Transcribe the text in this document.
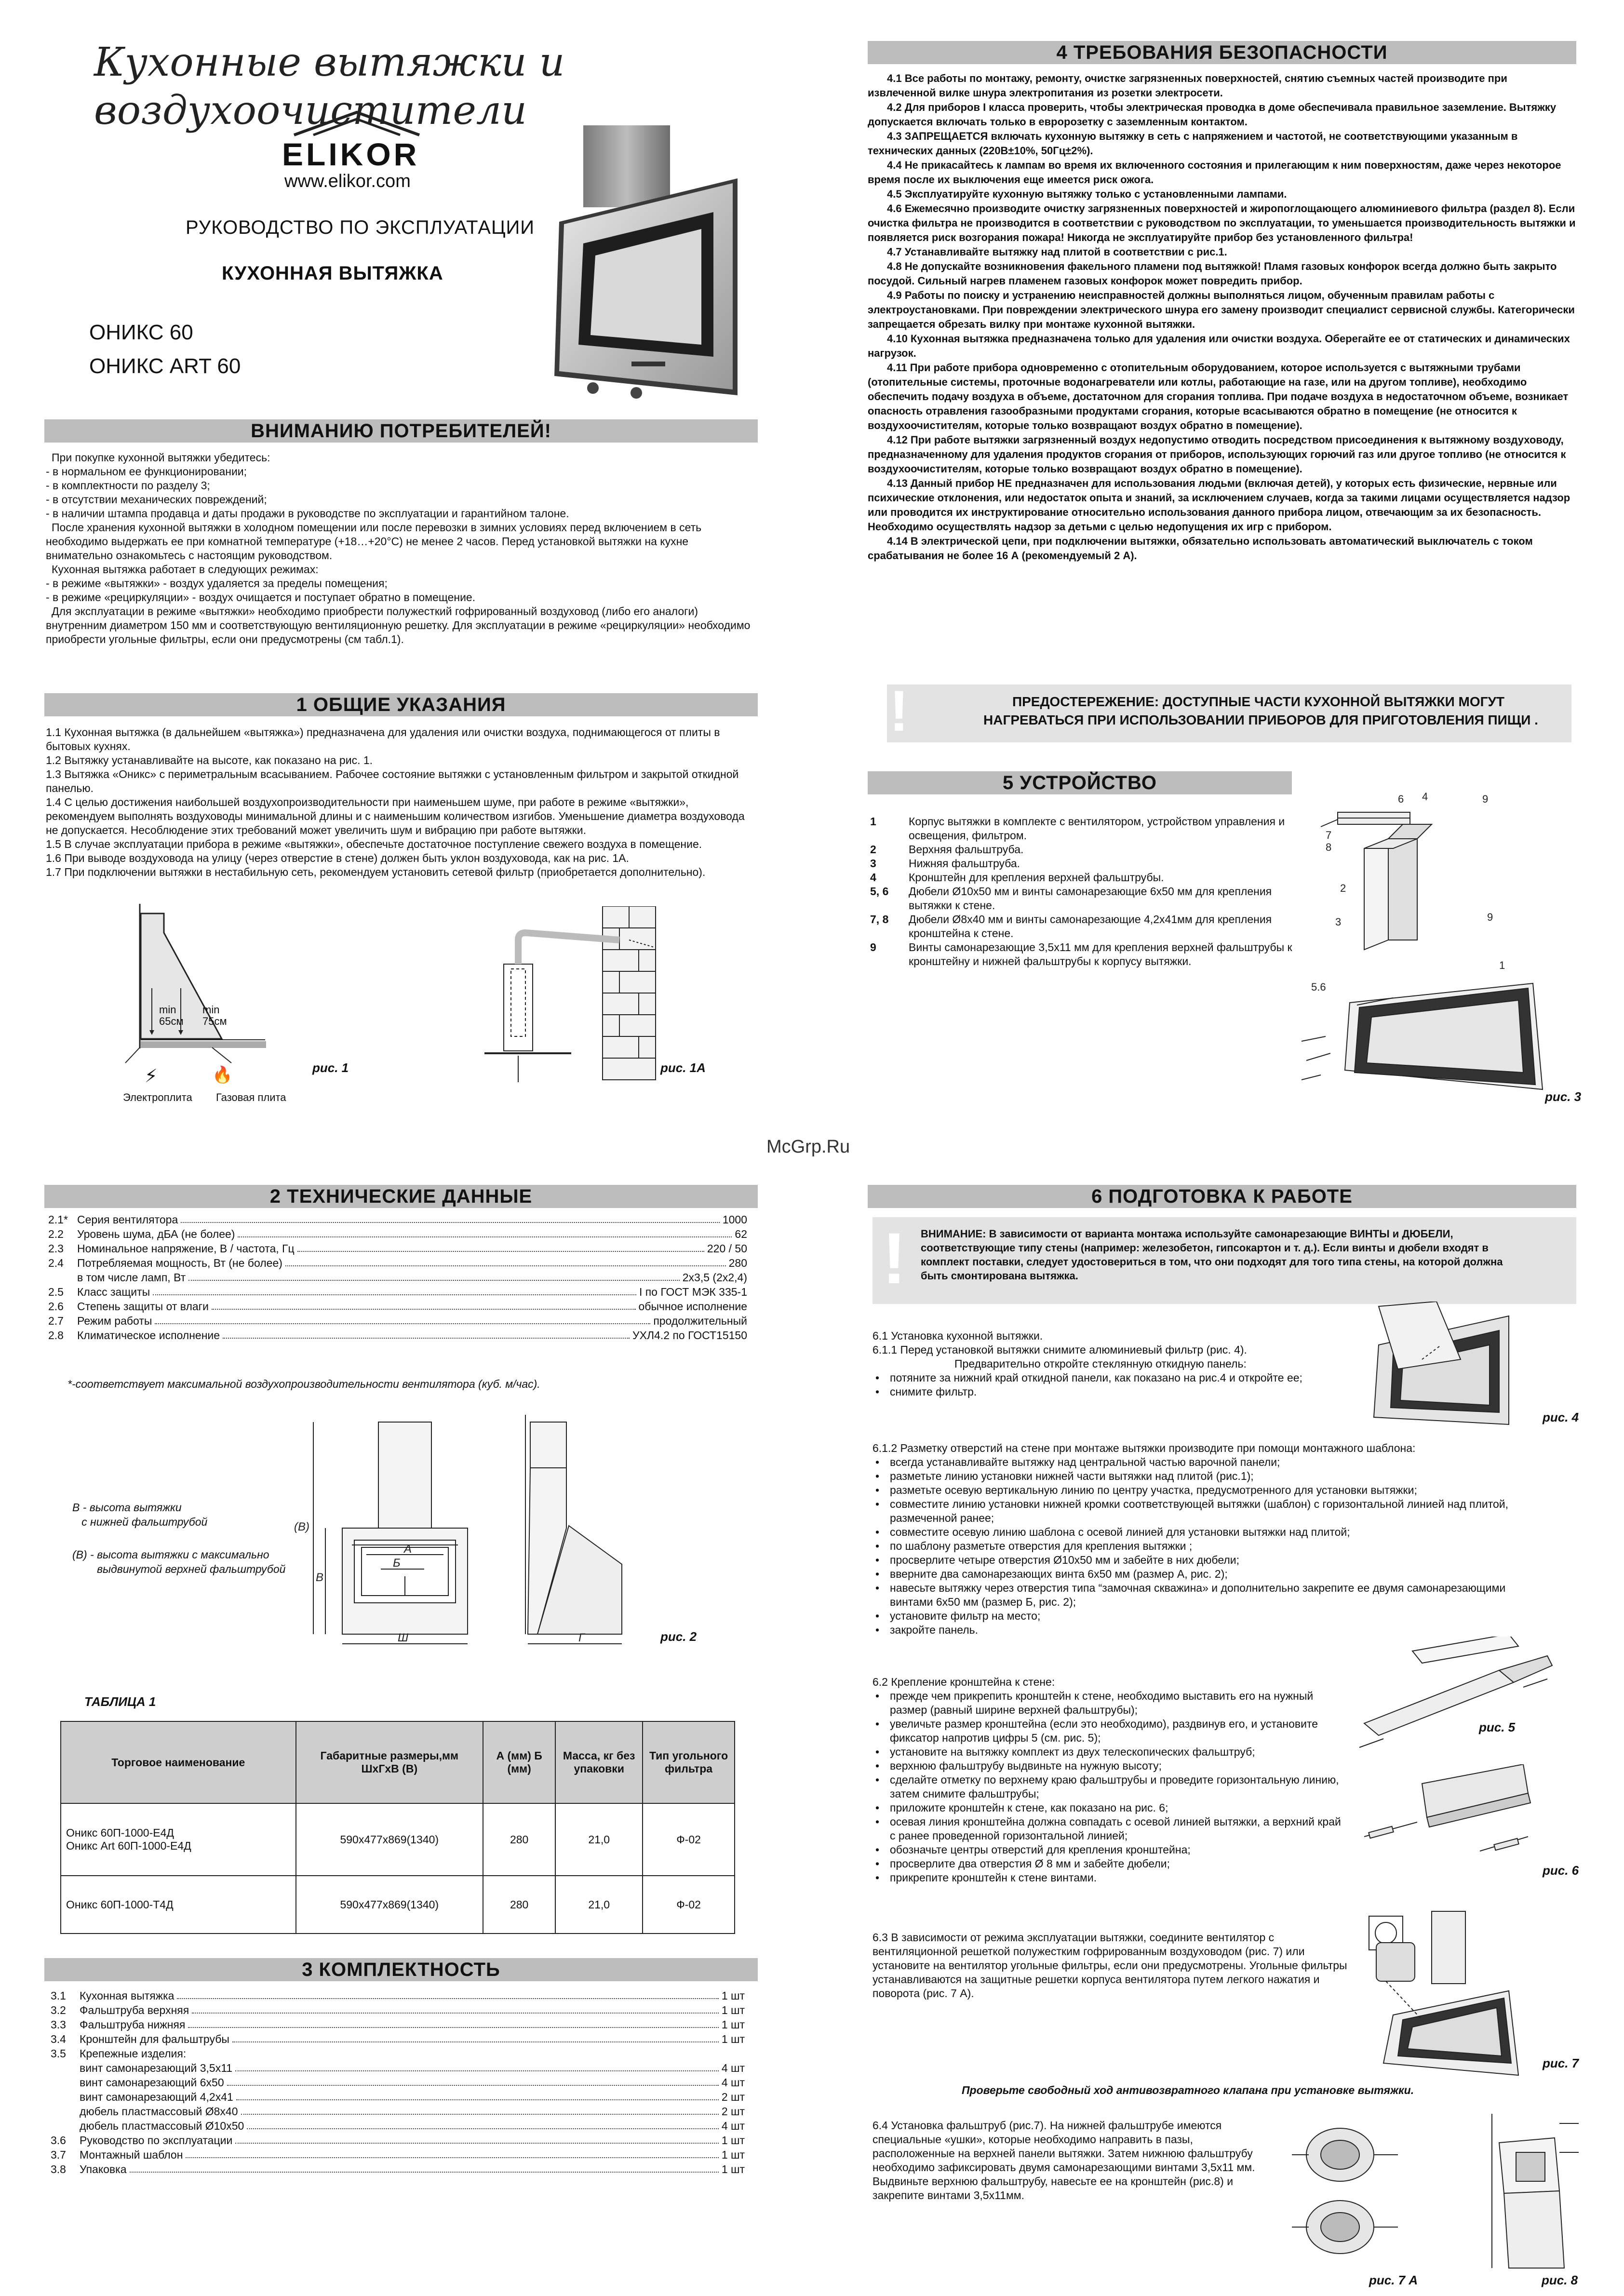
Кухонные вытяжки и воздухоочистители
ELIKOR
www.elikor.com
РУКОВОДСТВО ПО ЭКСПЛУАТАЦИИ
КУХОННАЯ ВЫТЯЖКА
ОНИКС 60
ОНИКС ART 60
ВНИМАНИЮ ПОТРЕБИТЕЛЕЙ!

При покупке кухонной вытяжки убедитесь:

- в нормальном ее функционировании;

- в комплектности по разделу 3;

- в отсутствии механических повреждений;

- в наличии штампа продавца и даты продажи в руководстве по эксплуатации и гарантийном талоне.

После хранения кухонной вытяжки в холодном помещении или после перевозки в зимних условиях перед включением в сеть необходимо выдержать ее при комнатной температуре (+18…+20°С) не менее 2 часов. Перед установкой вытяжки на кухне внимательно ознакомьтесь с настоящим руководством.

Кухонная вытяжка работает в следующих режимах:

- в режиме «вытяжки» - воздух удаляется за пределы помещения;

- в режиме «рециркуляции» - воздух очищается и поступает обратно в помещение.

Для эксплуатации в режиме «вытяжки» необходимо приобрести полужесткий гофрированный воздуховод (либо его аналоги) внутренним диаметром 150 мм и соответствующую вентиляционную решетку. Для эксплуатации в режиме «рециркуляции» необходимо приобрести угольные фильтры, если они предусмотрены (см табл.1).

1 ОБЩИЕ УКАЗАНИЯ

1.1 Кухонная вытяжка (в дальнейшем «вытяжка») предназначена для удаления или очистки воздуха, поднимающегося от плиты в бытовых кухнях.

1.2 Вытяжку устанавливайте на высоте, как показано на рис. 1.

1.3 Вытяжка «Оникс» с периметральным всасыванием. Рабочее состояние вытяжки с установленным фильтром и закрытой откидной панелью.

1.4 С целью достижения наибольшей воздухопроизводительности при наименьшем шуме, при работе в режиме «вытяжки», рекомендуем выполнять воздуховоды минимальной длины и с наименьшим количеством изгибов. Уменьшение диаметра воздуховода не допускается. Несоблюдение этих требований может увеличить шум и вибрацию при работе вытяжки.

1.5 В случае эксплуатации прибора в режиме «вытяжки», обеспечьте достаточное поступление свежего воздуха в помещение.

1.6 При выводе воздуховода на улицу (через отверстие в стене) должен быть уклон воздуховода, как на рис. 1А.

1.7 При подключении вытяжки в нестабильную сеть, рекомендуем установить сетевой фильтр (приобретается дополнительно).

min
65см
min
75см
⚡	🔥
Электроплита Газовая плита
рис. 1	рис. 1А
4 ТРЕБОВАНИЯ БЕЗОПАСНОСТИ

4.1 Все работы по монтажу, ремонту, очистке загрязненных поверхностей, снятию съемных частей производите при извлеченной вилке шнура электропитания из розетки электросети.

4.2 Для приборов I класса проверить, чтобы электрическая проводка в доме обеспечивала правильное заземление. Вытяжку допускается включать только в евророзетку с заземленным контактом.

4.3 ЗАПРЕЩАЕТСЯ включать кухонную вытяжку в сеть с напряжением и частотой, не соответствующими указанным в технических данных (220В±10%, 50Гц±2%).

4.4 Не прикасайтесь к лампам во время их включенного состояния и прилегающим к ним поверхностям, даже через некоторое время после их выключения еще имеется риск ожога.

4.5 Эксплуатируйте кухонную вытяжку только с установленными лампами.

4.6 Ежемесячно производите очистку загрязненных поверхностей и жиропоглощающего алюминиевого фильтра (раздел 8). Если очистка фильтра не производится в соответствии с руководством по эксплуатации, то уменьшается производительность вытяжки и появляется риск возгорания пожара! Никогда не эксплуатируйте прибор без установленного фильтра!

4.7 Устанавливайте вытяжку над плитой в соответствии с рис.1.

4.8 Не допускайте возникновения факельного пламени под вытяжкой! Пламя газовых конфорок всегда должно быть закрыто посудой. Сильный нагрев пламенем газовых конфорок может повредить прибор.

4.9 Работы по поиску и устранению неисправностей должны выполняться лицом, обученным правилам работы с электроустановками. При повреждении электрического шнура его замену производит специалист сервисной службы. Категорически запрещается обрезать вилку при монтаже кухонной вытяжки.

4.10 Кухонная вытяжка предназначена только для удаления или очистки воздуха. Оберегайте ее от статических и динамических нагрузок.

4.11 При работе прибора одновременно с отопительным оборудованием, которое используется с вытяжными трубами (отопительные системы, проточные водонагреватели или котлы, работающие на газе, или на другом топливе), необходимо обеспечить подачу воздуха в объеме, достаточном для сгорания топлива. При подаче воздуха в недостаточном объеме, возникает опасность отравления газообразными продуктами сгорания, которые всасываются обратно в помещение (не относится к воздухоочистителям, которые только возвращают воздух обратно в помещение).

4.12 При работе вытяжки загрязненный воздух недопустимо отводить посредством присоединения к вытяжному воздуховоду, предназначенному для удаления продуктов сгорания от приборов, использующих горючий газ или другое топливо (не относится к воздухоочистителям, которые только возвращают воздух обратно в помещение).

4.13 Данный прибор НЕ предназначен для использования людьми (включая детей), у которых есть физические, нервные или психические отклонения, или недостаток опыта и знаний, за исключением случаев, когда за такими лицами осуществляется надзор или проводится их инструктирование относительно использования данного прибора лицом, отвечающим за их безопасность. Необходимо осуществлять надзор за детьми с целью недопущения их игр с прибором.

4.14 В электрической цепи, при подключении вытяжки, обязательно использовать автоматический выключатель с током срабатывания не более 16 А (рекомендуемый 2 А).

!	ПРЕДОСТЕРЕЖЕНИЕ: ДОСТУПНЫЕ ЧАСТИ КУХОННОЙ ВЫТЯЖКИ МОГУТ
НАГРЕВАТЬСЯ ПРИ ИСПОЛЬЗОВАНИИ ПРИБОРОВ ДЛЯ ПРИГОТОВЛЕНИЯ ПИЩИ .
5 УСТРОЙСТВО
1	Корпус вытяжки в комплекте с вентилятором, устройством управления и освещения, фильтром.
2	Верхняя фальштруба.
3	Нижняя фальштруба.
4	Кронштейн для крепления верхней фальштрубы.
5, 6	Дюбели Ø10х50 мм и винты самонарезающие 6х50 мм для крепления вытяжки к стене.
7, 8	Дюбели Ø8х40 мм и винты самонарезающие 4,2х41мм для крепления кронштейна к стене.
9	Винты самонарезающие 3,5х11 мм для крепления верхней фальштрубы к кронштейну и нижней фальштрубы к корпусу вытяжки.
4	9
6
7
8
2
3	9
1
5.6
рис. 3
McGrp.Ru
2 ТЕХНИЧЕСКИЕ ДАННЫЕ
2.1* Серия вентилятора	1000
2.2	Уровень шума, дБА (не более)	62
2.3	Номинальное напряжение, В / частота, Гц	220 / 50
2.4	Потребляемая мощность, Вт (не более)	280
в том числе ламп, Вт	2х3,5 (2х2,4)
2.5	Класс защиты	I по ГОСТ МЭК 335-1
2.6	Степень защиты от влаги	обычное исполнение
2.7	Режим работы	продолжительный
2.8	Климатическое исполнение	УХЛ4.2 по ГОСТ15150
*-соответствует максимальной воздухопроизводительности вентилятора (куб. м/час).
В - высота вытяжки
с нижней фальштрубой
(В) - высота вытяжки с максимально
выдвинутой верхней фальштрубой
А
Б
В
(В)
Ш	Г	рис. 2
ТАБЛИЦА 1
Торговое наименование	Габаритные размеры,мм ШхГхВ (В)	А (мм) Б (мм)	Масса, кг без упаковки	Тип угольного фильтра
Оникс 60П-1000-Е4Д
Оникс Art 60П-1000-Е4Д	590х477х869(1340)	280	21,0	Ф-02
Оникс 60П-1000-Т4Д	590х477х869(1340)	280	21,0	Ф-02
3 КОМПЛЕКТНОСТЬ
3.1	Кухонная вытяжка	1 шт
3.2	Фальштруба верхняя	1 шт
3.3	Фальштруба нижняя	1 шт
3.4	Кронштейн для фальштрубы	1 шт
3.5	Крепежные изделия:
винт самонарезающий 3,5х11	4 шт
винт самонарезающий 6х50	4 шт
винт самонарезающий 4,2х41	2 шт
дюбель пластмассовый Ø8х40	2 шт
дюбель пластмассовый Ø10х50	4 шт
3.6	Руководство по эксплуатации	1 шт
3.7	Монтажный шаблон	1 шт
3.8	Упаковка	1 шт
6 ПОДГОТОВКА К РАБОТЕ
! ВНИМАНИЕ: В зависимости от варианта монтажа используйте самонарезающие ВИНТЫ и ДЮБЕЛИ, соответствующие типу стены (например: железобетон, гипсокартон и т. д.). Если винты и дюбели входят в комплект поставки, следует удостовериться в том, что они подходят для того типа стены, на которой должна быть смонтирована вытяжка.

6.1 Установка кухонной вытяжки.

6.1.1 Перед установкой вытяжки снимите алюминиевый фильтр (рис. 4).

Предварительно откройте стеклянную откидную панель:

• потяните за нижний край откидной панели, как показано на рис.4 и откройте ее;
• снимите фильтр.
рис. 4

6.1.2 Разметку отверстий на стене при монтаже вытяжки производите при помощи монтажного шаблона:

• всегда устанавливайте вытяжку над центральной частью варочной панели;
• разметьте линию установки нижней части вытяжки над плитой (рис.1);
• разметьте осевую вертикальную линию по центру участка, предусмотренного для установки вытяжки;
• совместите линию установки нижней кромки соответствующей вытяжки (шаблон) с горизонтальной линией над плитой, размеченной ранее;
• совместите осевую линию шаблона с осевой линией для установки вытяжки над плитой;
• по шаблону разметьте отверстия для крепления вытяжки ;
• просверлите четыре отверстия Ø10х50 мм и забейте в них дюбели;
• вверните два самонарезающих винта 6х50 мм (размер А, рис. 2);
• навесьте вытяжку через отверстия типа “замочная скважина» и дополнительно закрепите ее двумя самонарезающими винтами 6х50 мм (размер Б, рис. 2);
• установите фильтр на место;
• закройте панель.

6.2 Крепление кронштейна к стене:

• прежде чем прикрепить кронштейн к стене, необходимо выставить его на нужный размер (равный ширине верхней фальштрубы);
• увеличьте размер кронштейна (если это необходимо), раздвинув его, и установите фиксатор напротив цифры 5 (см. рис. 5);
• установите на вытяжку комплект из двух телескопических фальштруб;
• верхнюю фальштрубу выдвиньте на нужную высоту;
• сделайте отметку по верхнему краю фальштрубы и проведите горизонтальную линию, затем снимите фальштрубы;
• приложите кронштейн к стене, как показано на рис. 6;
• осевая линия кронштейна должна совпадать с осевой линией вытяжки, а верхний край с ранее проведенной горизонтальной линией;
• обозначьте центры отверстий для крепления кронштейна;
• просверлите два отверстия Ø 8 мм и забейте дюбели;
• прикрепите кронштейн к стене винтами.
рис. 5
рис. 6

6.3 В зависимости от режима эксплуатации вытяжки, соедините вентилятор с вентиляционной решеткой полужестким гофрированным воздуховодом (рис. 7) или установите на вентилятор угольные фильтры, если они предусмотрены. Угольные фильтры устанавливаются на защитные решетки корпуса вентилятора путем легкого нажатия и поворота (рис. 7 А).

рис. 7
Проверьте свободный ход антивозвратного клапана при установке вытяжки.

6.4 Установка фальштруб (рис.7). На нижней фальштрубе имеются специальные «ушки», которые необходимо направить в пазы, расположенные на верхней панели вытяжки. Затем нижнюю фальштрубу необходимо зафиксировать двумя самонарезающими винтами 3,5х11 мм. Выдвиньте верхнюю фальштрубу, навесьте ее на кронштейн (рис.8) и закрепите винтами 3,5х11мм.

рис. 7 А	рис. 8
